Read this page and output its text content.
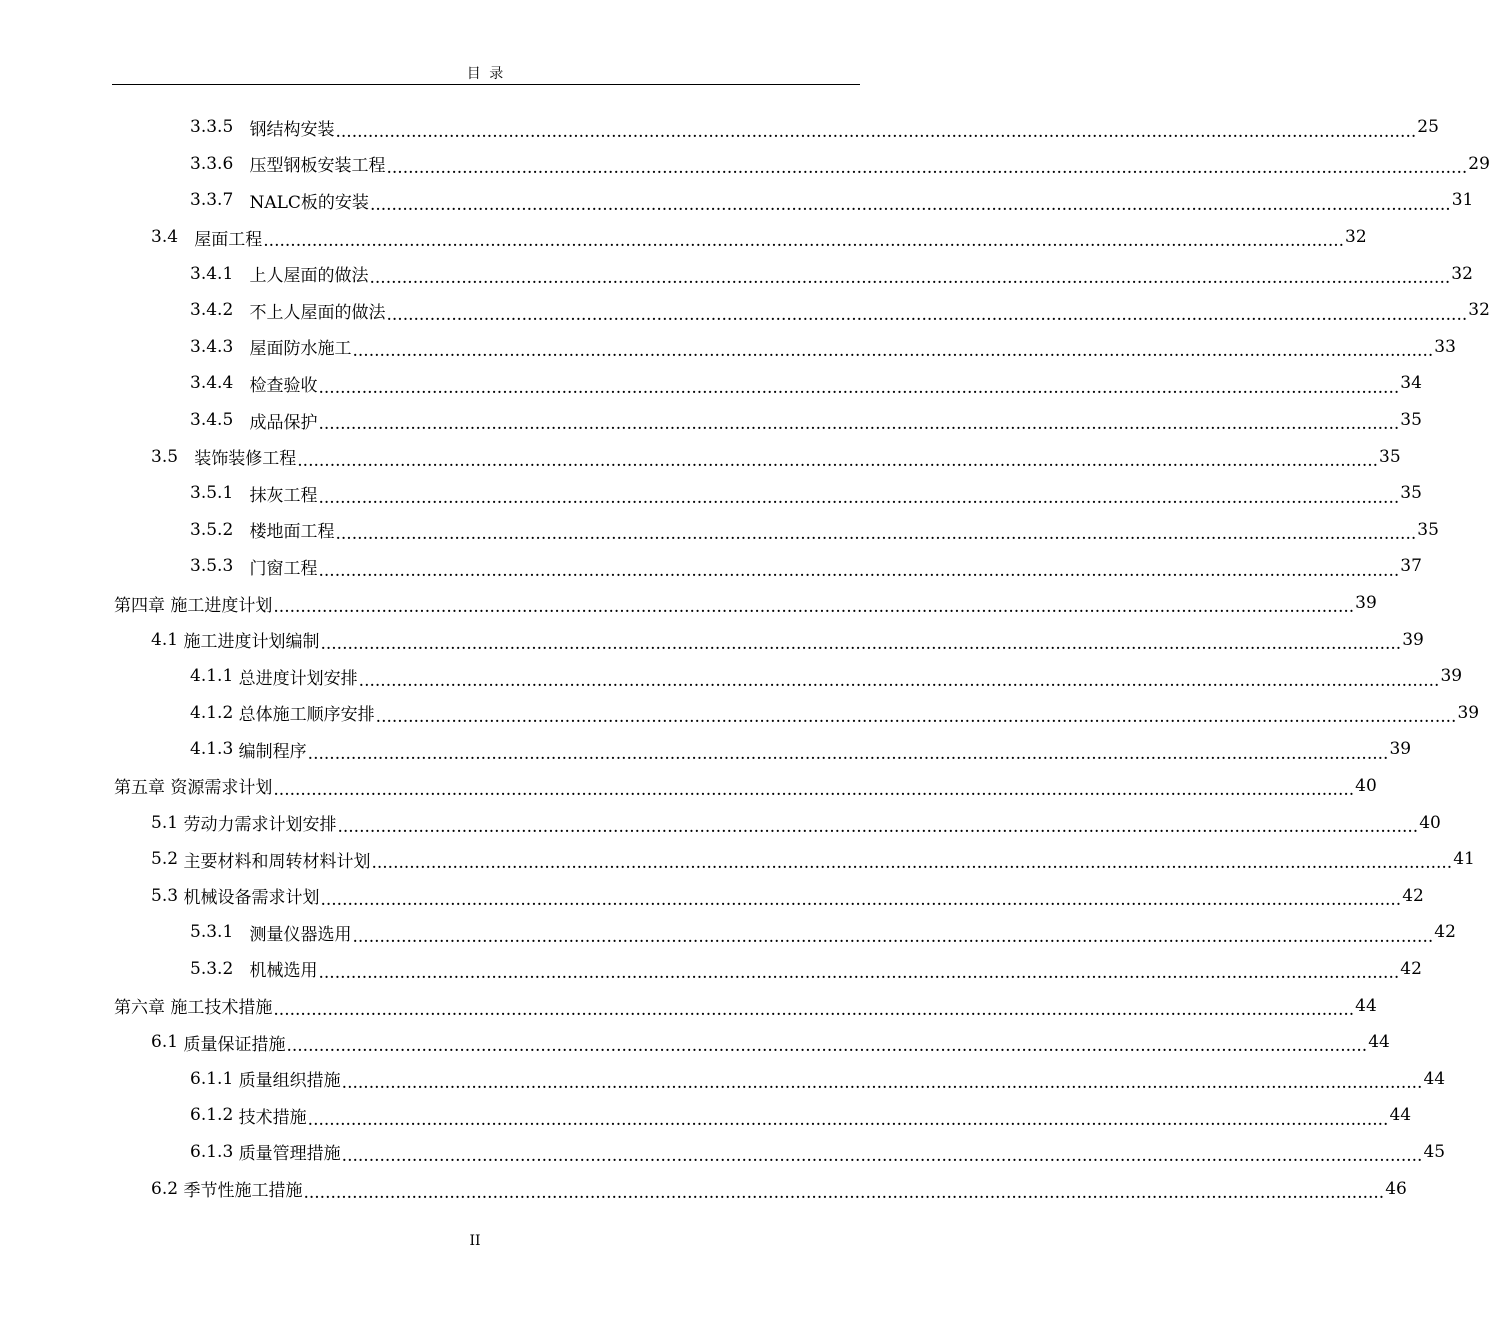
目 录
3.3.5
钢结构安装 ........................................................................................................................................................................................................ 25
3.3.6
压型钢板安装工程 ........................................................................................................................................................................................................ 29
3.3.7
NALC板的安装 ........................................................................................................................................................................................................ 31
3.4
屋面工程 ........................................................................................................................................................................................................ 32
3.4.1
上人屋面的做法 ........................................................................................................................................................................................................ 32
3.4.2
不上人屋面的做法 ........................................................................................................................................................................................................ 32
3.4.3
屋面防水施工 ........................................................................................................................................................................................................ 33
3.4.4
检查验收 ........................................................................................................................................................................................................ 34
3.4.5
成品保护 ........................................................................................................................................................................................................ 35
3.5
装饰装修工程 ........................................................................................................................................................................................................ 35
3.5.1
抹灰工程 ........................................................................................................................................................................................................ 35
3.5.2
楼地面工程 ........................................................................................................................................................................................................ 35
3.5.3
门窗工程 ........................................................................................................................................................................................................ 37
第四章
施工进度计划 ........................................................................................................................................................................................................ 39
4.1
施工进度计划编制 ........................................................................................................................................................................................................ 39
4.1.1
总进度计划安排 ........................................................................................................................................................................................................ 39
4.1.2
总体施工顺序安排 ........................................................................................................................................................................................................ 39
4.1.3
编制程序 ........................................................................................................................................................................................................ 39
第五章
资源需求计划 ........................................................................................................................................................................................................ 40
5.1
劳动力需求计划安排 ........................................................................................................................................................................................................ 40
5.2
主要材料和周转材料计划 ........................................................................................................................................................................................................ 41
5.3
机械设备需求计划 ........................................................................................................................................................................................................ 42
5.3.1
测量仪器选用 ........................................................................................................................................................................................................ 42
5.3.2
机械选用 ........................................................................................................................................................................................................ 42
第六章
施工技术措施 ........................................................................................................................................................................................................ 44
6.1
质量保证措施 ........................................................................................................................................................................................................ 44
6.1.1
质量组织措施 ........................................................................................................................................................................................................ 44
6.1.2
技术措施 ........................................................................................................................................................................................................ 44
6.1.3
质量管理措施 ........................................................................................................................................................................................................ 45
6.2
季节性施工措施 ........................................................................................................................................................................................................ 46
II
